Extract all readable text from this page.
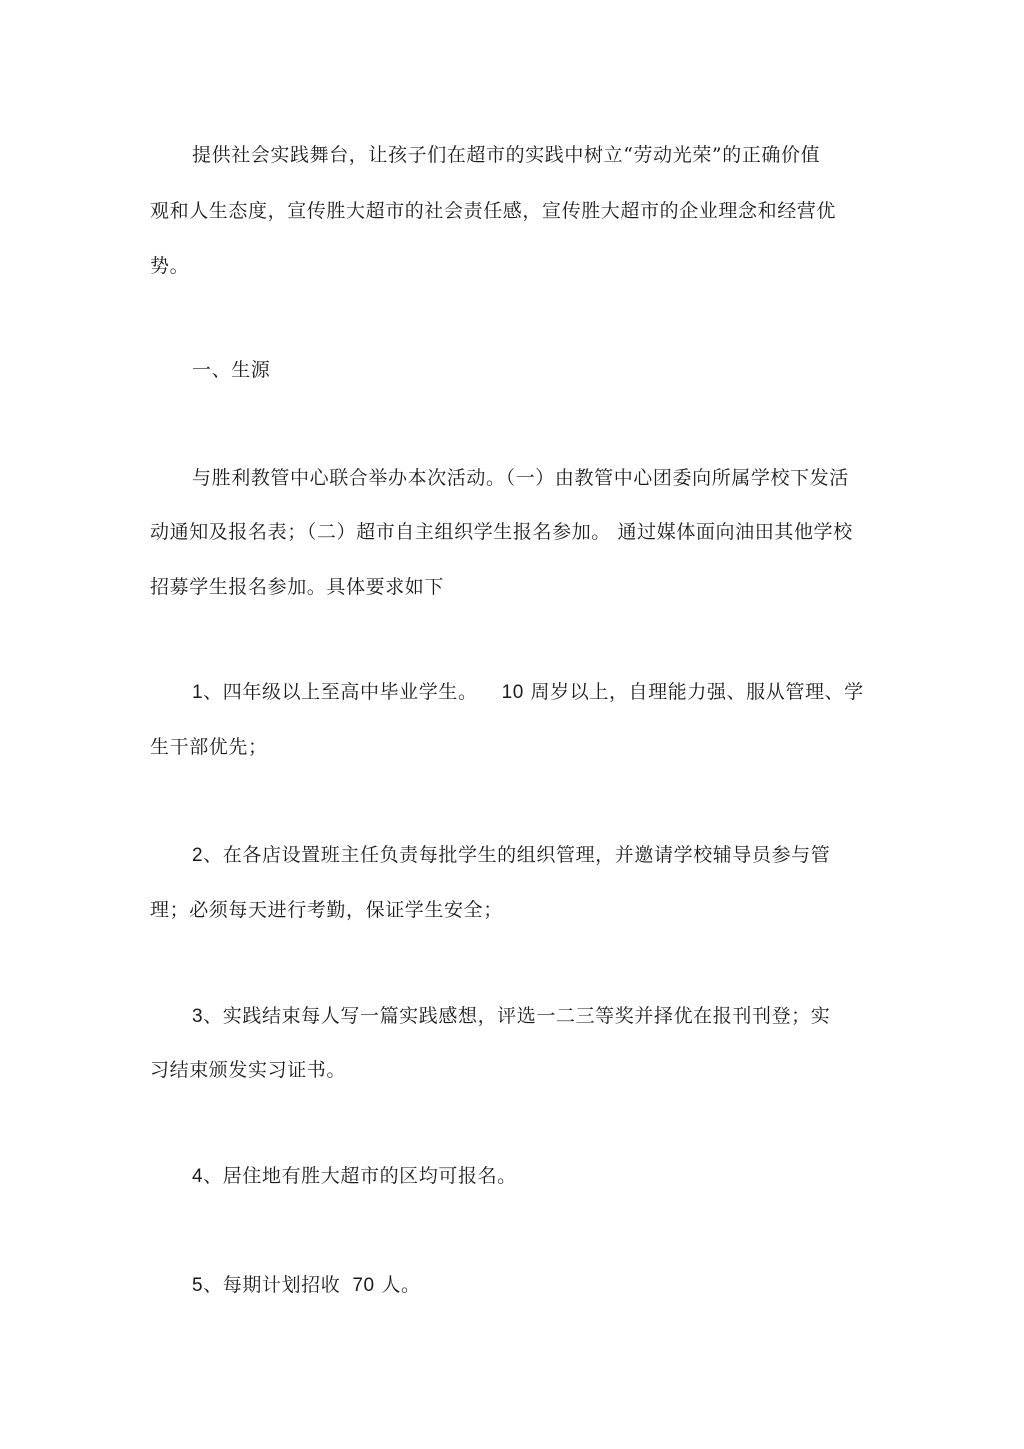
提供社会实践舞台，让孩子们在超市的实践中树立“劳动光荣”的正确价值
观和人生态度，宣传胜大超市的社会责任感，宣传胜大超市的企业理念和经营优
势。
一、生源
与胜利教管中心联合举办本次活动。（一）由教管中心团委向所属学校下发活
动通知及报名表；（二）超市自主组织学生报名参加。 通过媒体面向油田其他学校
招募学生报名参加。具体要求如下
1、四年级以上至高中毕业学生。 10 周岁以上，自理能力强、服从管理、学
生干部优先；
2、在各店设置班主任负责每批学生的组织管理，并邀请学校辅导员参与管
理；必须每天进行考勤，保证学生安全；
3、实践结束每人写一篇实践感想，评选一二三等奖并择优在报刊刊登；实
习结束颁发实习证书。
4、居住地有胜大超市的区均可报名。
5、每期计划招收 70 人。
